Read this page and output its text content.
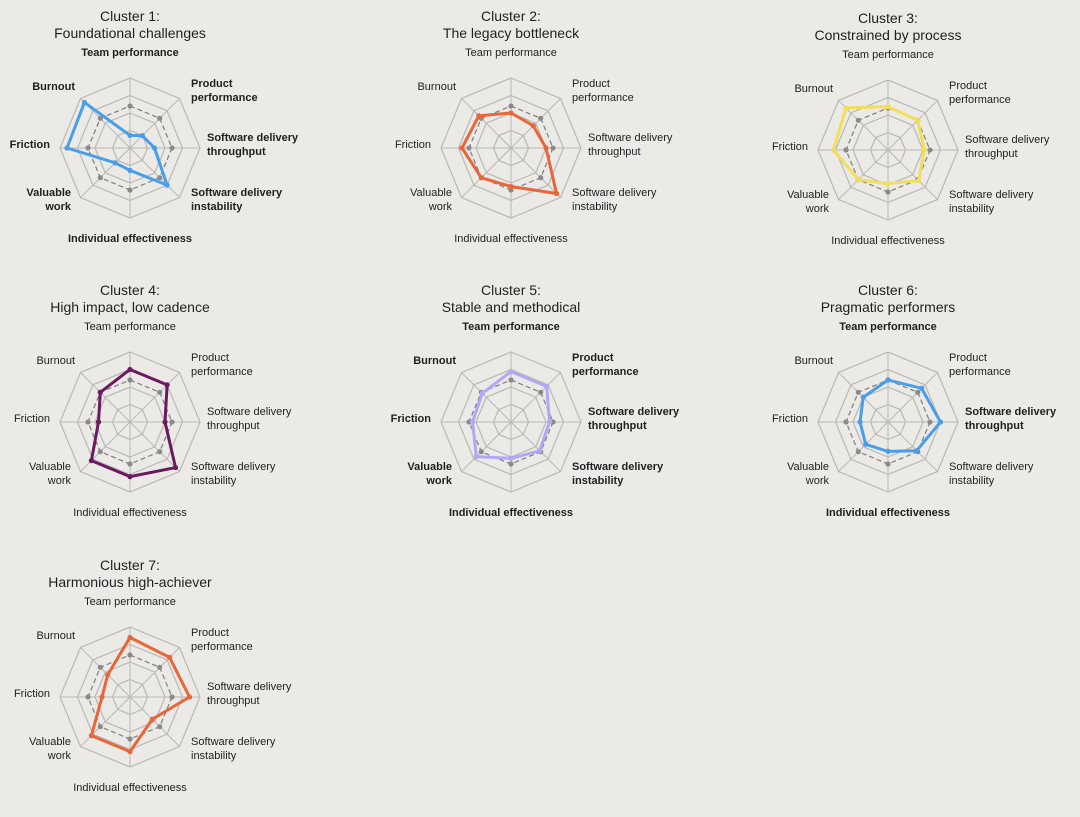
Cluster 1:
Foundational challenges
Team performance
Product performance
Software delivery throughput
Software delivery instability
Individual effectiveness
Valuable work
Friction
Burnout
Cluster 2:
The legacy bottleneck
Team performance
Product performance
Software delivery throughput
Software delivery instability
Individual effectiveness
Valuable work
Friction
Burnout
Cluster 3:
Constrained by process
Team performance
Product performance
Software delivery throughput
Software delivery instability
Individual effectiveness
Valuable work
Friction
Burnout
Cluster 4:
High impact, low cadence
Team performance
Product performance
Software delivery throughput
Software delivery instability
Individual effectiveness
Valuable work
Friction
Burnout
Cluster 5:
Stable and methodical
Team performance
Product performance
Software delivery throughput
Software delivery instability
Individual effectiveness
Valuable work
Friction
Burnout
Cluster 6:
Pragmatic performers
Team performance
Product performance
Software delivery throughput
Software delivery instability
Individual effectiveness
Valuable work
Friction
Burnout
Cluster 7:
Harmonious high-achiever
Team performance
Product performance
Software delivery throughput
Software delivery instability
Individual effectiveness
Valuable work
Friction
Burnout
